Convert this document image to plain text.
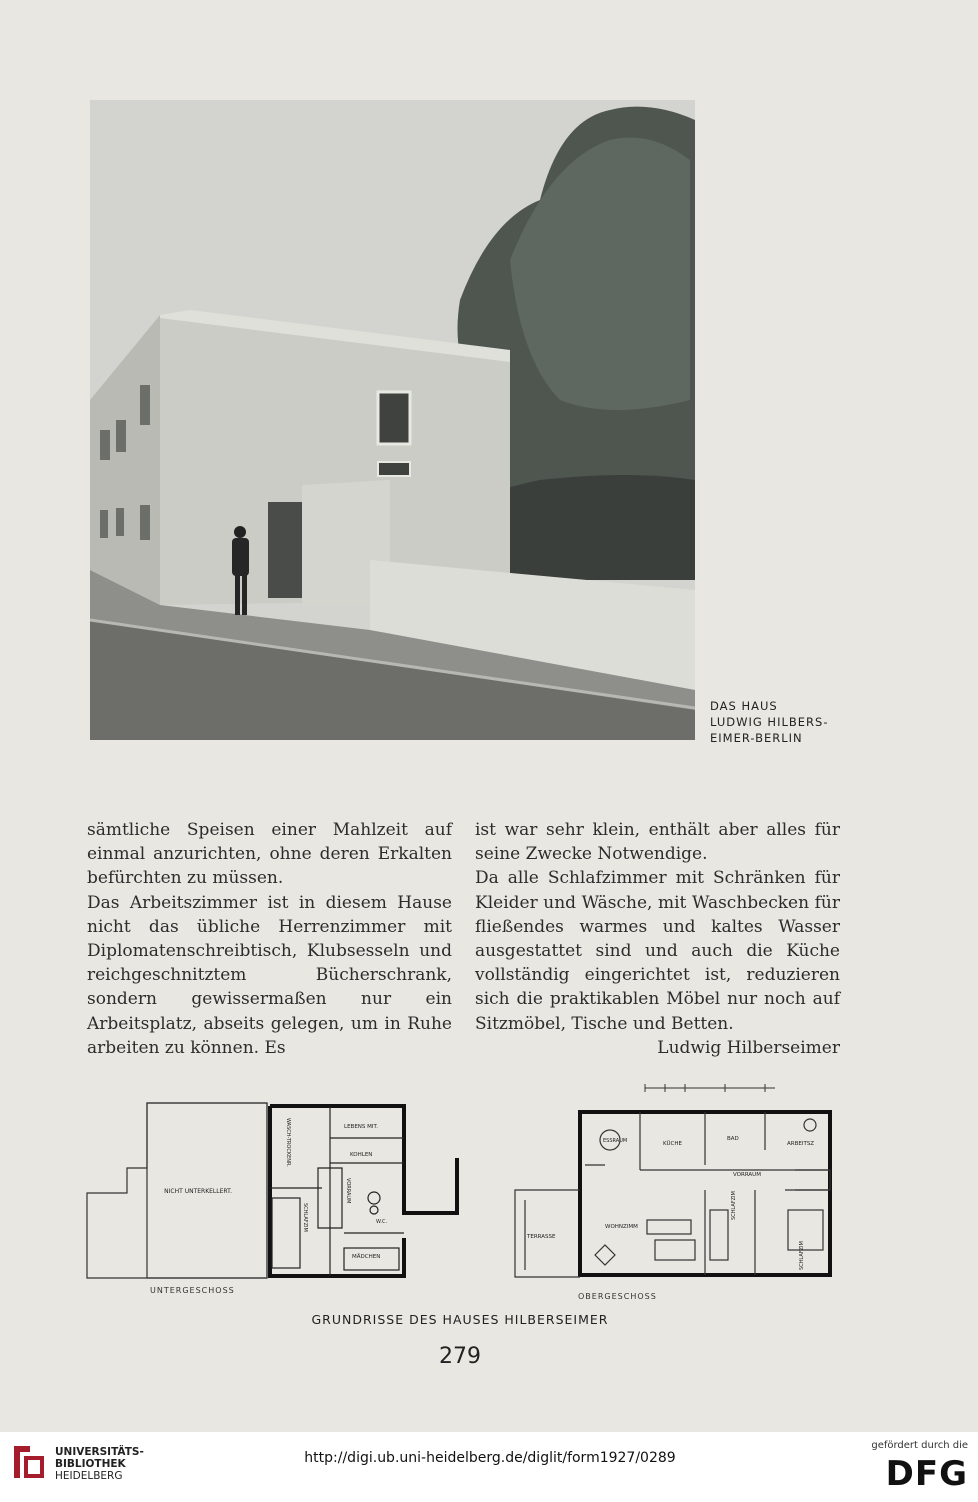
DAS HAUS
LUDWIG HILBERS-
EIMER-BERLIN

sämtliche Speisen einer Mahlzeit auf einmal anzurichten, ohne deren Erkalten befürchten zu müssen.

Das Arbeitszimmer ist in diesem Hause nicht das übliche Herrenzimmer mit Diplomatenschreibtisch, Klubsesseln und reichgeschnitztem Bücherschrank, sondern gewissermaßen nur ein Arbeitsplatz, abseits gelegen, um in Ruhe arbeiten zu können. Es

ist war sehr klein, enthält aber alles für seine Zwecke Notwendige.

Da alle Schlafzimmer mit Schränken für Kleider und Wäsche, mit Waschbecken für fließendes warmes und kaltes Wasser ausgestattet sind und auch die Küche vollständig eingerichtet ist, reduzieren sich die praktikablen Möbel nur noch auf Sitzmöbel, Tische und Betten.

Ludwig Hilberseimer
NICHT UNTERKELLERT.
LEBENS MIT.
WASCH-TROCKENR.	KOHLEN
VORRAUM
SCHLAFZIM	W.C.
MÄDCHEN
UNTERGESCHOSS
ESSRAUM	KÜCHE
BAD
ARBEITSZ
VORRAUM
TERRASSE
WOHNZIMM
SCHLAFZIM
SCHLAFZIM
OBERGESCHOSS
GRUNDRISSE DES HAUSES HILBERSEIMER
279
UNIVERSITÄTS-
BIBLIOTHEK
HEIDELBERG
http://digi.ub.uni-heidelberg.de/diglit/form1927/0289
gefördert durch die
DFG
